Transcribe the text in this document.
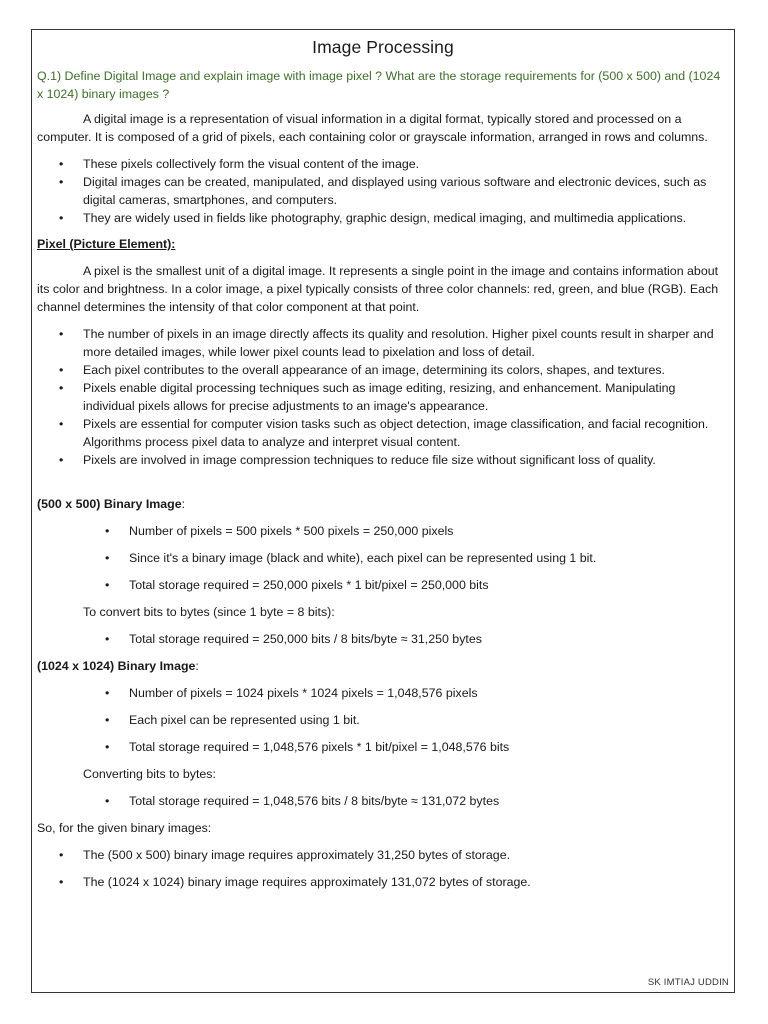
Image Processing
Q.1) Define Digital Image and explain image with image pixel ? What are the storage requirements for (500 x 500) and (1024 x 1024) binary images ?

A digital image is a representation of visual information in a digital format, typically stored and processed on a computer. It is composed of a grid of pixels, each containing color or grayscale information, arranged in rows and columns.

• These pixels collectively form the visual content of the image.
• Digital images can be created, manipulated, and displayed using various software and electronic devices, such as digital cameras, smartphones, and computers.
• They are widely used in fields like photography, graphic design, medical imaging, and multimedia applications.
Pixel (Picture Element):

A pixel is the smallest unit of a digital image. It represents a single point in the image and contains information about its color and brightness. In a color image, a pixel typically consists of three color channels: red, green, and blue (RGB). Each channel determines the intensity of that color component at that point.

• The number of pixels in an image directly affects its quality and resolution. Higher pixel counts result in sharper and more detailed images, while lower pixel counts lead to pixelation and loss of detail.
• Each pixel contributes to the overall appearance of an image, determining its colors, shapes, and textures.
• Pixels enable digital processing techniques such as image editing, resizing, and enhancement. Manipulating individual pixels allows for precise adjustments to an image's appearance.
• Pixels are essential for computer vision tasks such as object detection, image classification, and facial recognition. Algorithms process pixel data to analyze and interpret visual content.
• Pixels are involved in image compression techniques to reduce file size without significant loss of quality.
(500 x 500) Binary Image:
• Number of pixels = 500 pixels * 500 pixels = 250,000 pixels
• Since it's a binary image (black and white), each pixel can be represented using 1 bit.
• Total storage required = 250,000 pixels * 1 bit/pixel = 250,000 bits

To convert bits to bytes (since 1 byte = 8 bits):

• Total storage required = 250,000 bits / 8 bits/byte ≈ 31,250 bytes
(1024 x 1024) Binary Image:
• Number of pixels = 1024 pixels * 1024 pixels = 1,048,576 pixels
• Each pixel can be represented using 1 bit.
• Total storage required = 1,048,576 pixels * 1 bit/pixel = 1,048,576 bits

Converting bits to bytes:

• Total storage required = 1,048,576 bits / 8 bits/byte ≈ 131,072 bytes

So, for the given binary images:

• The (500 x 500) binary image requires approximately 31,250 bytes of storage.
• The (1024 x 1024) binary image requires approximately 131,072 bytes of storage.
SK IMTIAJ UDDIN
